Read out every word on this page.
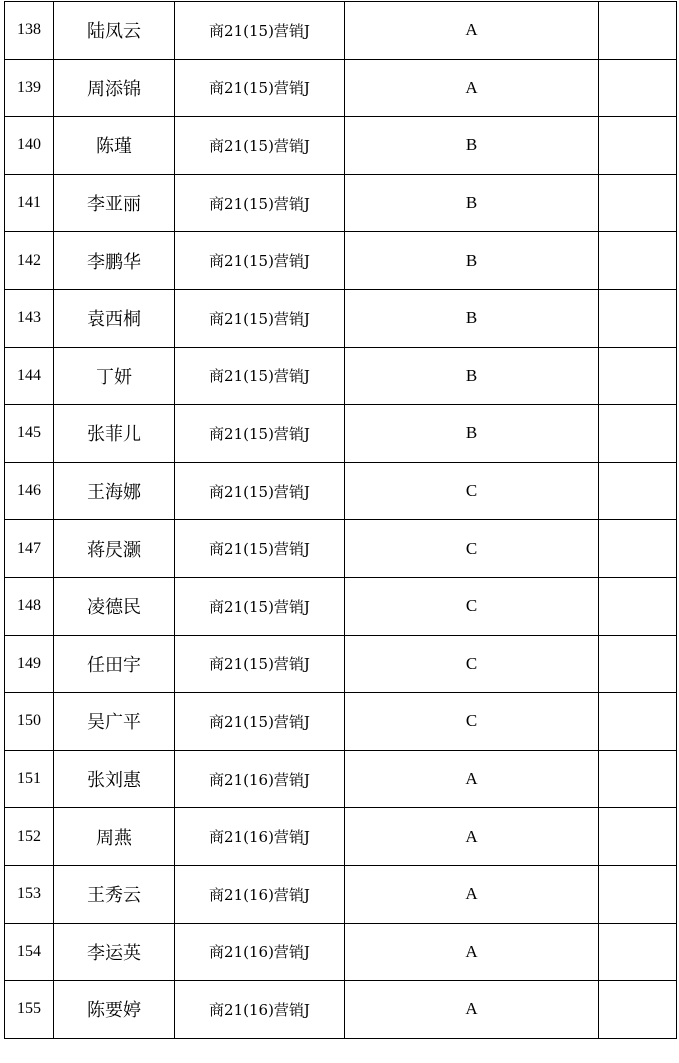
138	陆凤云	商21(15)营销J	A	
139	周添锦	商21(15)营销J	A	
140	陈瑾	商21(15)营销J	B	
141	李亚丽	商21(15)营销J	B	
142	李鹏华	商21(15)营销J	B	
143	袁西桐	商21(15)营销J	B	
144	丁妍	商21(15)营销J	B	
145	张菲儿	商21(15)营销J	B	
146	王海娜	商21(15)营销J	C	
147	蒋昃灏	商21(15)营销J	C	
148	凌德民	商21(15)营销J	C	
149	任田宇	商21(15)营销J	C	
150	吴广平	商21(15)营销J	C	
151	张刘惠	商21(16)营销J	A	
152	周燕	商21(16)营销J	A	
153	王秀云	商21(16)营销J	A	
154	李运英	商21(16)营销J	A	
155	陈要婷	商21(16)营销J	A	
